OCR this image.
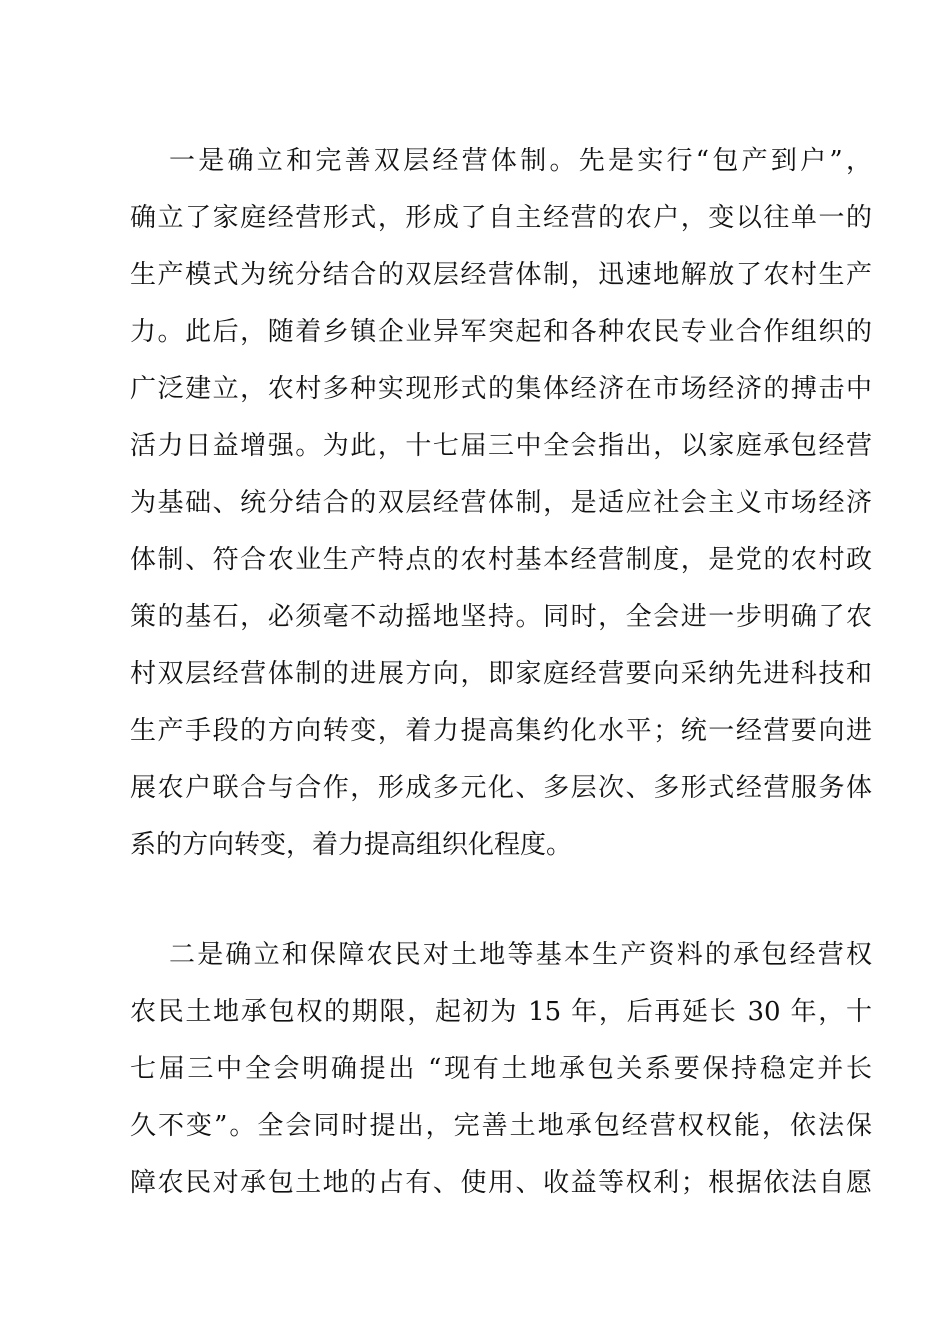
一是确立和完善双层经营体制。先是实行“包产到户”，
确立了家庭经营形式，形成了自主经营的农户，变以往单一的
生产模式为统分结合的双层经营体制，迅速地解放了农村生产
力。此后，随着乡镇企业异军突起和各种农民专业合作组织的
广泛建立，农村多种实现形式的集体经济在市场经济的搏击中
活力日益增强。为此，十七届三中全会指出，以家庭承包经营
为基础、统分结合的双层经营体制，是适应社会主义市场经济
体制、符合农业生产特点的农村基本经营制度，是党的农村政
策的基石，必须毫不动摇地坚持。同时，全会进一步明确了农
村双层经营体制的进展方向，即家庭经营要向采纳先进科技和
生产手段的方向转变，着力提高集约化水平；统一经营要向进
展农户联合与合作，形成多元化、多层次、多形式经营服务体
系的方向转变，着力提高组织化程度。
二是确立和保障农民对土地等基本生产资料的承包经营权
农民土地承包权的期限，起初为 15 年，后再延长 30 年，十
七届三中全会明确提出 “现有土地承包关系要保持稳定并长
久不变”。全会同时提出，完善土地承包经营权权能，依法保
障农民对承包土地的占有、使用、收益等权利；根据依法自愿
